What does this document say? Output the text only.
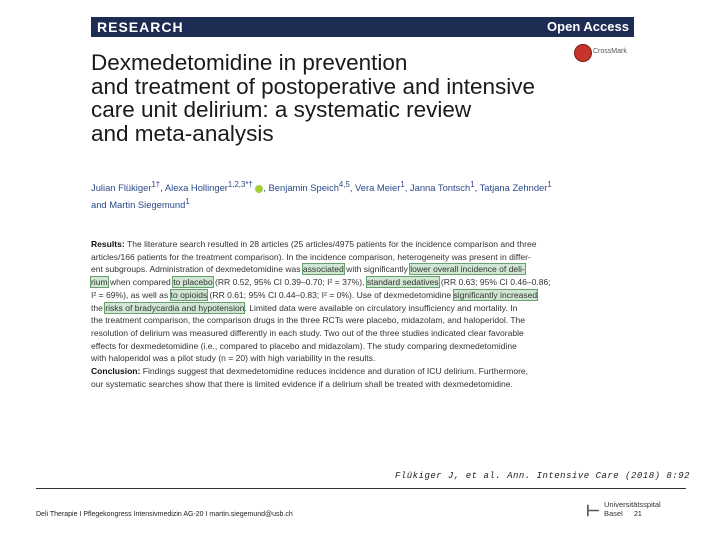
RESEARCH	Open Access
CrossMark
Dexmedetomidine in prevention
and treatment of postoperative and intensive
care unit delirium: a systematic review
and meta-analysis
Julian Flükiger$^{1\dagger}$, Alexa Hollinger$^{1,2,3*\dagger}$ , Benjamin Speich$^{4,5}$, Vera Meier$^1$, Janna Tontsch$^1$, Tatjana Zehnder$^1$
and Martin Siegemund$^1$
Results: The literature search resulted in 28 articles (25 articles/4975 patients for the incidence comparison and three
articles/166 patients for the treatment comparison). In the incidence comparison, heterogeneity was present in differ-
ent subgroups. Administration of dexmedetomidine was associated with significantly lower overall incidence of deli-
rium when compared to placebo (RR 0.52, 95% CI 0.39–0.70; I² = 37%), standard sedatives (RR 0.63; 95% CI 0.46–0.86;
I² = 69%), as well as to opioids (RR 0.61; 95% CI 0.44–0.83; I² = 0%). Use of dexmedetomidine significantly increased
the risks of bradycardia and hypotension. Limited data were available on circulatory insufficiency and mortality. In
the treatment comparison, the comparison drugs in the three RCTs were placebo, midazolam, and haloperidol. The
resolution of delirium was measured differently in each study. Two out of the three studies indicated clear favorable
effects for dexmedetomidine (i.e., compared to placebo and midazolam). The study comparing dexmedetomidine
with haloperidol was a pilot study (n = 20) with high variability in the results.
Conclusion: Findings suggest that dexmedetomidine reduces incidence and duration of ICU delirium. Furthermore,
our systematic searches show that there is limited evidence if a delirium shall be treated with dexmedetomidine.
Flükiger J, et al. Ann. Intensive Care (2018) 8:92
Deli Therapie I Pflegekongress Intensivmedizin AG-20 I martin.siegemund@usb.ch	⊢ Universitätsspital
Basel	21
